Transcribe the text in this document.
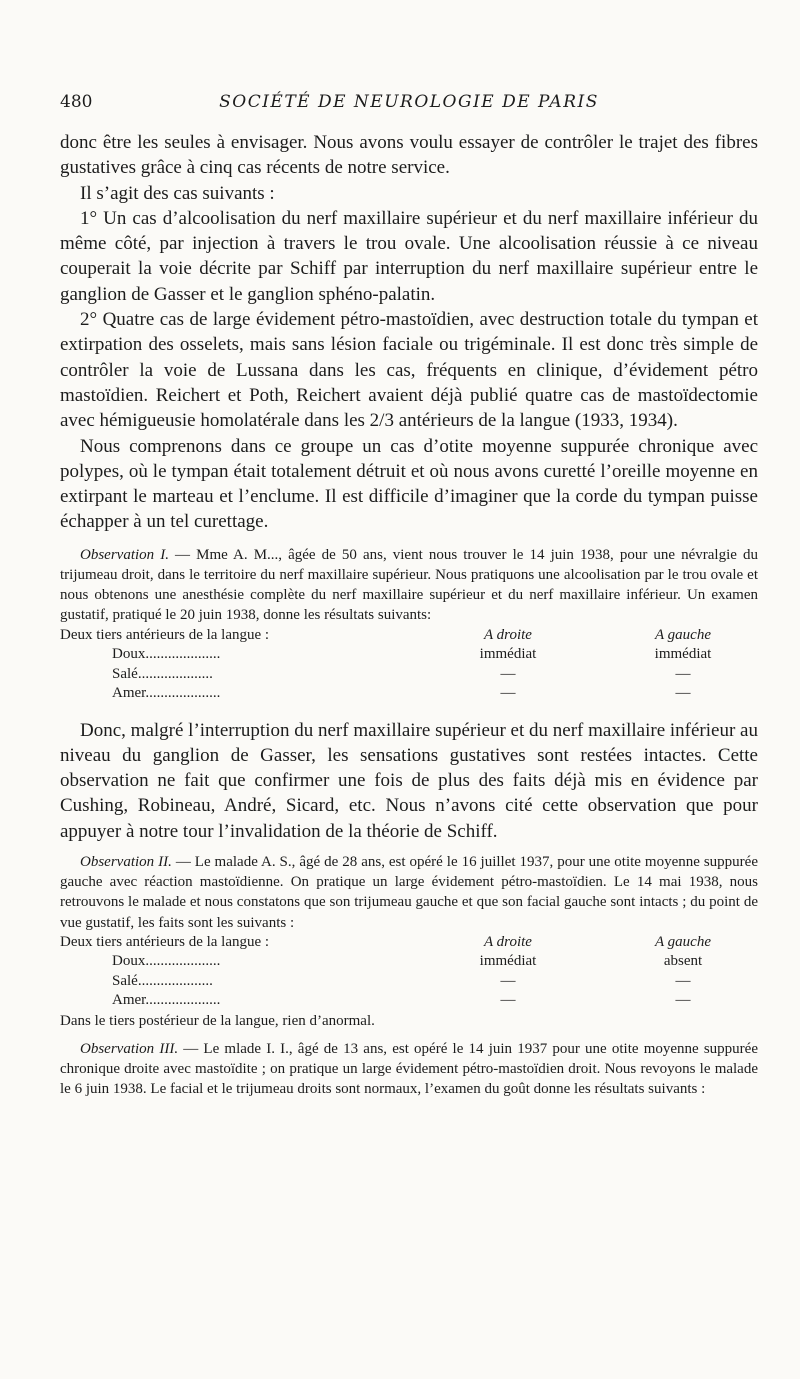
480	SOCIÉTÉ DE NEUROLOGIE DE PARIS

donc être les seules à envisager. Nous avons voulu essayer de contrôler le trajet des fibres gustatives grâce à cinq cas récents de notre service.

Il s’agit des cas suivants :

1° Un cas d’alcoolisation du nerf maxillaire supérieur et du nerf maxillaire inférieur du même côté, par injection à travers le trou ovale. Une alcoolisation réussie à ce niveau couperait la voie décrite par Schiff par interruption du nerf maxillaire supérieur entre le ganglion de Gasser et le ganglion sphéno-palatin.

2° Quatre cas de large évidement pétro-mastoïdien, avec destruction totale du tympan et extirpation des osselets, mais sans lésion faciale ou trigéminale. Il est donc très simple de contrôler la voie de Lussana dans les cas, fréquents en clinique, d’évidement pétro mastoïdien. Reichert et Poth, Reichert avaient déjà publié quatre cas de mastoïdectomie avec hémigueusie homolatérale dans les 2/3 antérieurs de la langue (1933, 1934).

Nous comprenons dans ce groupe un cas d’otite moyenne suppurée chronique avec polypes, où le tympan était totalement détruit et où nous avons curetté l’oreille moyenne en extirpant le marteau et l’enclume. Il est difficile d’imaginer que la corde du tympan puisse échapper à un tel curettage.

Observation I. — Mme A. M..., âgée de 50 ans, vient nous trouver le 14 juin 1938, pour une névralgie du trijumeau droit, dans le territoire du nerf maxillaire supérieur. Nous pratiquons une alcoolisation par le trou ovale et nous obtenons une anesthésie complète du nerf maxillaire supérieur et du nerf maxillaire inférieur. Un examen gustatif, pratiqué le 20 juin 1938, donne les résultats suivants:

Deux tiers antérieurs de la langue :	A droite	A gauche
Doux....................	immédiat	immédiat
Salé....................	—	—
Amer....................	—	—

Donc, malgré l’interruption du nerf maxillaire supérieur et du nerf maxillaire inférieur au niveau du ganglion de Gasser, les sensations gustatives sont restées intactes. Cette observation ne fait que confirmer une fois de plus des faits déjà mis en évidence par Cushing, Robineau, André, Sicard, etc. Nous n’avons cité cette observation que pour appuyer à notre tour l’invalidation de la théorie de Schiff.

Observation II. — Le malade A. S., âgé de 28 ans, est opéré le 16 juillet 1937, pour une otite moyenne suppurée gauche avec réaction mastoïdienne. On pratique un large évidement pétro-mastoïdien. Le 14 mai 1938, nous retrouvons le malade et nous constatons que son trijumeau gauche et que son facial gauche sont intacts ; du point de vue gustatif, les faits sont les suivants :

Deux tiers antérieurs de la langue :	A droite	A gauche
Doux....................	immédiat	absent
Salé....................	—	—
Amer....................	—	—

Dans le tiers postérieur de la langue, rien d’anormal.

Observation III. — Le mlade I. I., âgé de 13 ans, est opéré le 14 juin 1937 pour une otite moyenne suppurée chronique droite avec mastoïdite ; on pratique un large évidement pétro-mastoïdien droit. Nous revoyons le malade le 6 juin 1938. Le facial et le trijumeau droits sont normaux, l’examen du goût donne les résultats suivants :
